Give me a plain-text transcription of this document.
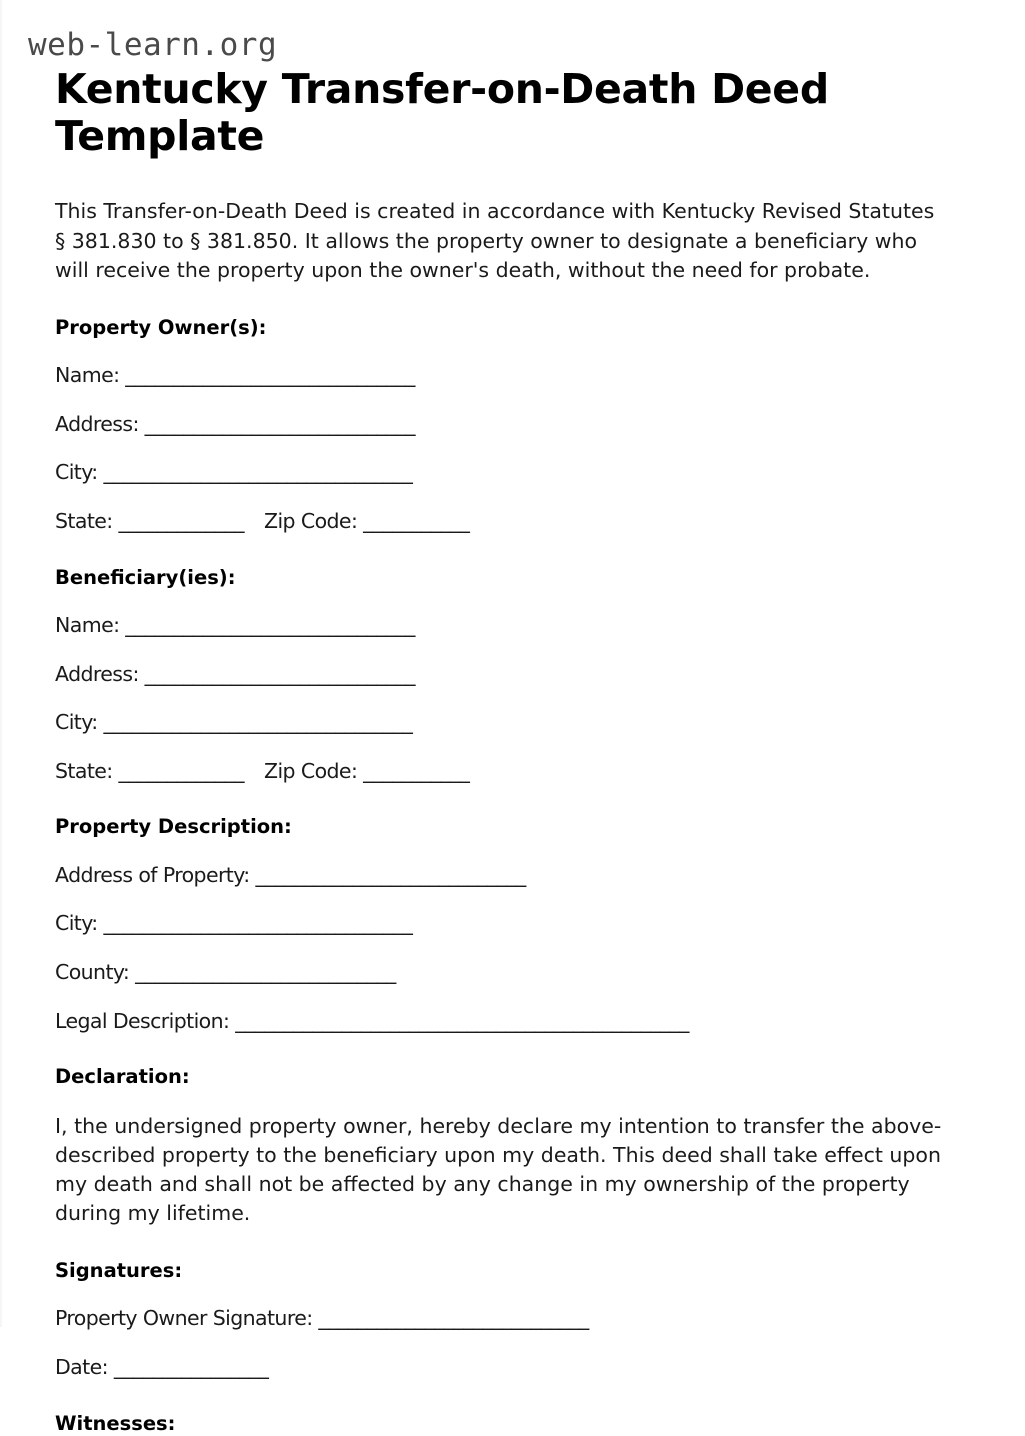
web-learn.org
Kentucky Transfer-on-Death Deed Template

This Transfer-on-Death Deed is created in accordance with Kentucky Revised Statutes § 381.830 to § 381.850. It allows the property owner to designate a beneficiary who will receive the property upon the owner's death, without the need for probate.

Property Owner(s):
Name: ______________________________
Address: ____________________________
City: ________________________________
State: _____________ Zip Code: ___________
Beneficiary(ies):
Name: ______________________________
Address: ____________________________
City: ________________________________
State: _____________ Zip Code: ___________
Property Description:
Address of Property: ____________________________
City: ________________________________
County: ___________________________
Legal Description: _______________________________________________
Declaration:

I, the undersigned property owner, hereby declare my intention to transfer the above-described property to the beneficiary upon my death. This deed shall take effect upon my death and shall not be affected by any change in my ownership of the property during my lifetime.

Signatures:
Property Owner Signature: ____________________________
Date: ________________
Witnesses:
